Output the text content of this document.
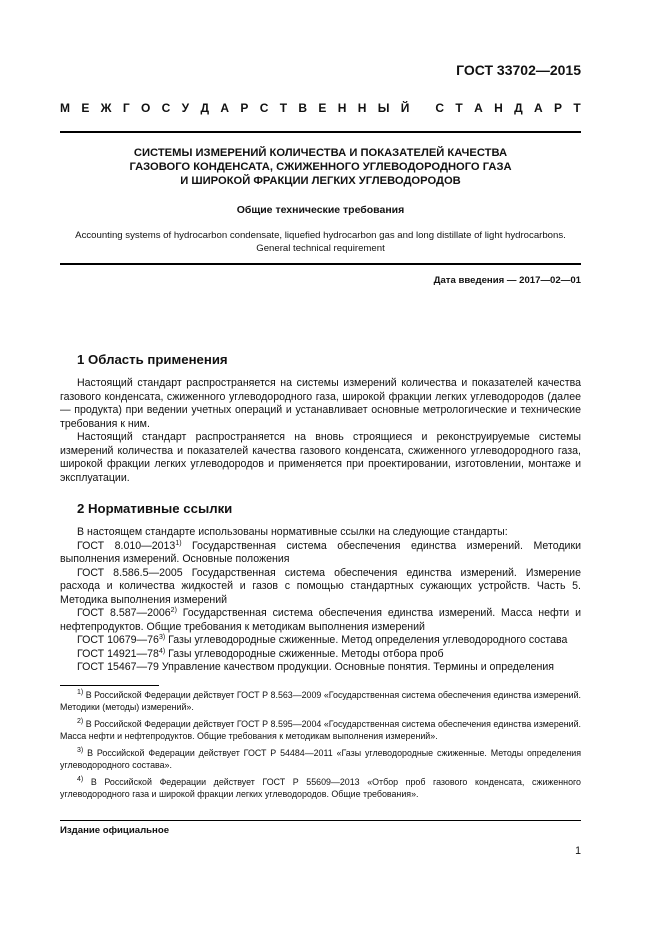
ГОСТ 33702—2015
М Е Ж Г О С У Д А Р С Т В Е Н Н Ы Й
С Т А Н Д А Р Т
СИСТЕМЫ ИЗМЕРЕНИЙ КОЛИЧЕСТВА И ПОКАЗАТЕЛЕЙ КАЧЕСТВА
ГАЗОВОГО КОНДЕНСАТА, СЖИЖЕННОГО УГЛЕВОДОРОДНОГО ГАЗА
И ШИРОКОЙ ФРАКЦИИ ЛЕГКИХ УГЛЕВОДОРОДОВ
Общие технические требования
Accounting systems of hydrocarbon condensate, liquefied hydrocarbon gas and long distillate of light hydrocarbons.
General technical requirement
Дата введения — 2017—02—01
1 Область применения

Настоящий стандарт распространяется на системы измерений количества и показателей качества газового конденсата, сжиженного углеводородного газа, широкой фракции легких углеводородов (далее — продукта) при ведении учетных операций и устанавливает основные метрологические и технические требования к ним.

Настоящий стандарт распространяется на вновь строящиеся и реконструируемые системы измерений количества и показателей качества газового конденсата, сжиженного углеводородного газа, широкой фракции легких углеводородов и применяется при проектировании, изготовлении, монтаже и эксплуатации.

2 Нормативные ссылки

В настоящем стандарте использованы нормативные ссылки на следующие стандарты:

ГОСТ 8.010—2013$^{1)}$ Государственная система обеспечения единства измерений. Методики выполнения измерений. Основные положения

ГОСТ 8.586.5—2005 Государственная система обеспечения единства измерений. Измерение расхода и количества жидкостей и газов с помощью стандартных сужающих устройств. Часть 5. Методика выполнения измерений

ГОСТ 8.587—2006$^{2)}$ Государственная система обеспечения единства измерений. Масса нефти и нефтепродуктов. Общие требования к методикам выполнения измерений

ГОСТ 10679—76$^{3)}$ Газы углеводородные сжиженные. Метод определения углеводородного состава

ГОСТ 14921—78$^{4)}$ Газы углеводородные сжиженные. Методы отбора проб

ГОСТ 15467—79 Управление качеством продукции. Основные понятия. Термины и определения

$^{1)}$ В Российской Федерации действует ГОСТ Р 8.563—2009 «Государственная система обеспечения единства измерений. Методики (методы) измерений».

$^{2)}$ В Российской Федерации действует ГОСТ Р 8.595—2004 «Государственная система обеспечения единства измерений. Масса нефти и нефтепродуктов. Общие требования к методикам выполнения измерений».

$^{3)}$ В Российской Федерации действует ГОСТ Р 54484—2011 «Газы углеводородные сжиженные. Методы определения углеводородного состава».

$^{4)}$ В Российской Федерации действует ГОСТ Р 55609—2013 «Отбор проб газового конденсата, сжиженного углеводородного газа и широкой фракции легких углеводородов. Общие требования».

Издание официальное
1
